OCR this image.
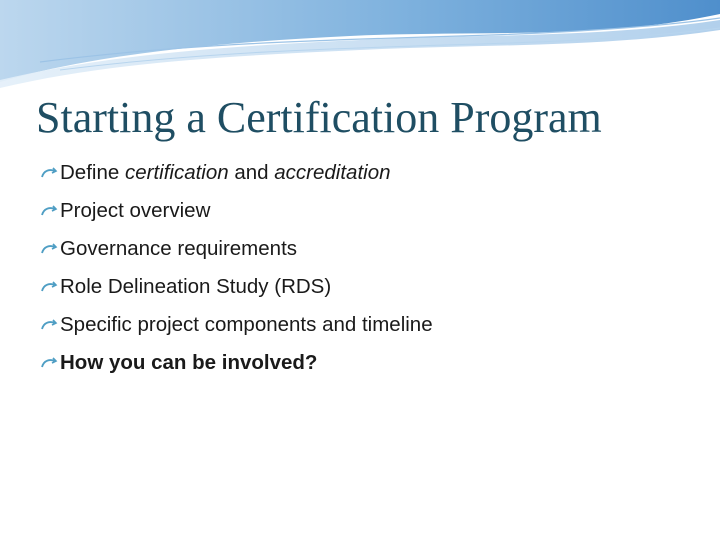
Starting a Certification Program
Define certification and accreditation
Project overview
Governance requirements
Role Delineation Study (RDS)
Specific project components and timeline
How you can be involved?
